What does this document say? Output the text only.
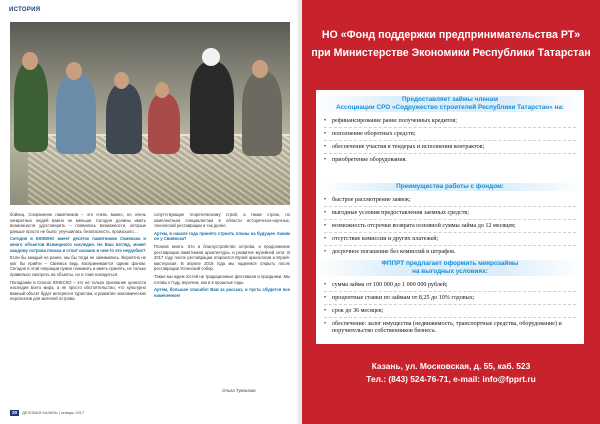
ИСТОРИЯ

бойниц. Сохранение памятников – это очень важно, но очень конкретных людей важно не меньше. Сегодня должны иметь возможности удостоверить – появились возможности, которые раньше просто не было: улучшилась безопасность, произошло…

Сегодня в КЮКЕНО имеет десяток памятников Свияжска и много объектов Всемирного наследия. На Ваш взгляд, может каждому острова поиска и стоит сказано в чем-то это неудобно?

Если бы каждый на ранее, мы бы тогда не занимались. Вероятно не мог бы прийти – Свияжск ведь воспринимается одним фоном. Сегодня в этой операции нужно понимать и иметь принять, не только правильно смотреть на объекты, но и тоже находиться.

Попадание в Список ЮНЕСКО – это не только признание ценности наследия всего мира, а не просто обстоятельство, что культурно важный объект будет интересен туристам, и развитие экономических перспектив для жителей острова.

сопутствующие теоретическому строй, а также строю, по комплектным специалистам в области историческо-научных, технологий реставрации и так далее.

Артем, в начале года принято строить планы на будущее. Каким он у Свияжска?

Планов много. Это и благоустройство острова, и продолжение реставрации памятников архитектуры, и развитие музейной сети. В 2017 году после реставрации откроются Музей археологии и Музей-мастерская. В апреле 2018 года мы надеемся открыть после реставрации Успенский собор.

Также мы ждем гостей на традиционные фестивали и праздники. Мы готовы к Году, впрочем, как и в прошлые годы.

Артем, большое спасибо! Вам за рассказ, и пусть сбудется все намеченное!

Ольга Туманова
20	ДЕЛОВАЯ КАЗАНЬ | январь 2017
НО «Фонд поддержки предпринимательства РТ»
при Министерстве Экономики Республики Татарстан
Предоставляет займы членам
Ассоциации СРО «Содружество строителей Республики Татарстан» на:
• рефинансирование ранее полученных кредитов;
• пополнение оборотных средств;
• обеспечение участия в тендерах и исполнения контрактов;
• приобретение оборудования.
Преимущества работы с фондом:
• быстрое рассмотрение заявок;
• выгодные условия предоставления заемных средств;
• возможность отсрочки возврата основной суммы займа до 12 месяцев;
• отсутствие комиссии и других платежей;
• досрочное погашение без комиссий и штрафов.
ФППРТ предлагает оформить микрозаймы
на выгодных условиях:
• сумма займа от 100 000 до 1 000 000 рублей;
• процентные ставки по займам от 8,25 до 10% годовых;
• срок до 36 месяцев;
• обеспечение: залог имущества (недвижимость, транспортные средства, оборудование) и поручительство собственников бизнеса.
Казань, ул. Московская, д. 55, каб. 523
Тел.: (843) 524-76-71, e-mail: info@fpprt.ru
